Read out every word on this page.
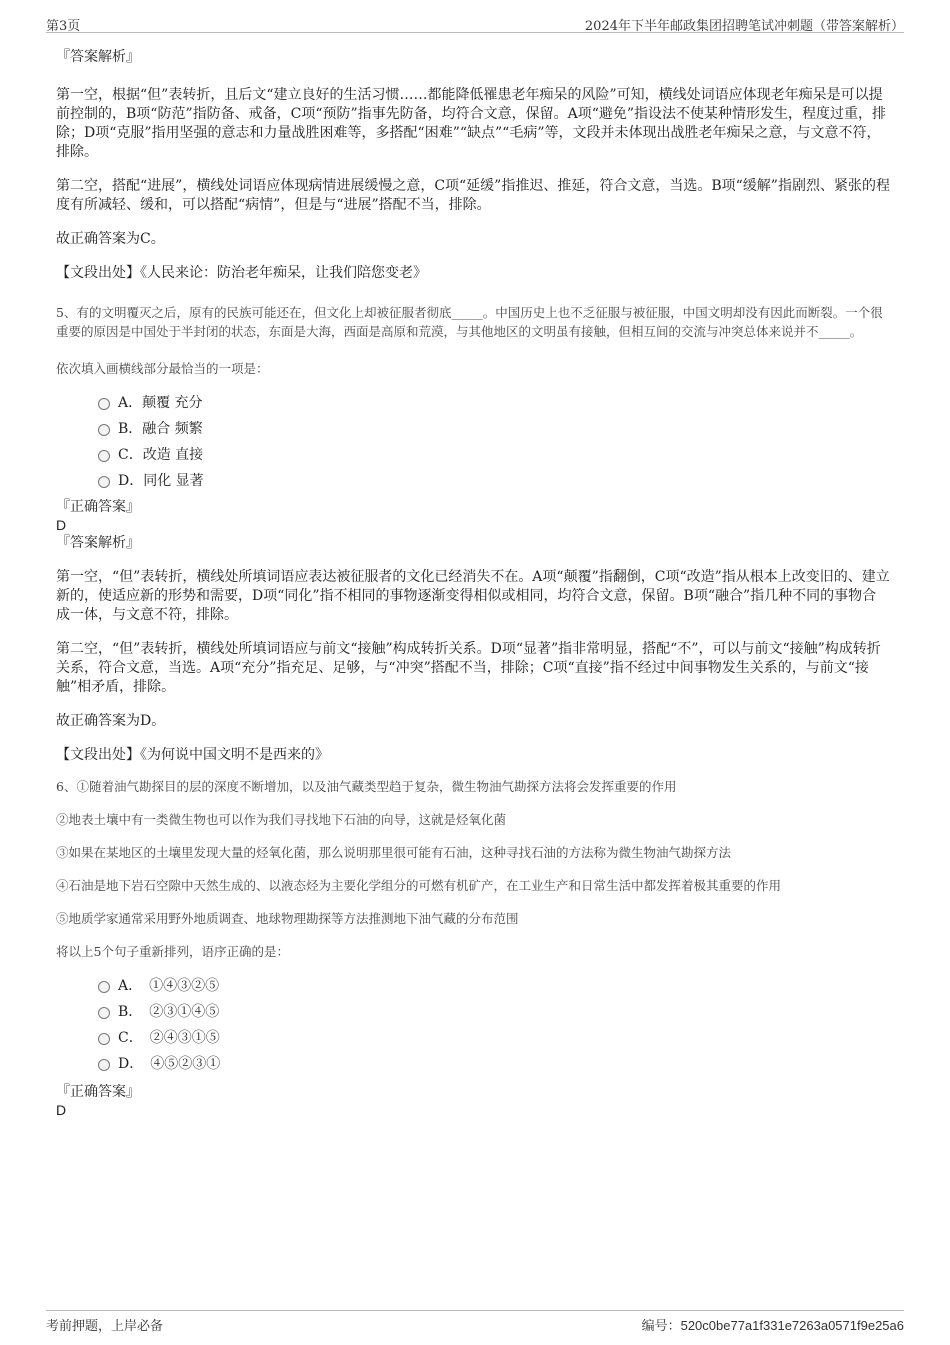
第3页	2024年下半年邮政集团招聘笔试冲刺题（带答案解析）
『答案解析』

第一空，根据“但”表转折，且后文“建立良好的生活习惯……都能降低罹患老年痴呆的风险”可知，横线处词语应体现老年痴呆是可以提前控制的，B项“防范”指防备、戒备，C项“预防”指事先防备，均符合文意，保留。A项“避免”指设法不使某种情形发生，程度过重，排除；D项“克服”指用坚强的意志和力量战胜困难等，多搭配“困难”“缺点”“毛病”等，文段并未体现出战胜老年痴呆之意，与文意不符，排除。

第二空，搭配“进展”，横线处词语应体现病情进展缓慢之意，C项“延缓”指推迟、推延，符合文意，当选。B项“缓解”指剧烈、紧张的程度有所减轻、缓和，可以搭配“病情”，但是与“进展”搭配不当，排除。

故正确答案为C。

【文段出处】《人民来论：防治老年痴呆，让我们陪您变老》

5、有的文明覆灭之后，原有的民族可能还在，但文化上却被征服者彻底_____。中国历史上也不乏征服与被征服，中国文明却没有因此而断裂。一个很重要的原因是中国处于半封闭的状态，东面是大海，西面是高原和荒漠，与其他地区的文明虽有接触，但相互间的交流与冲突总体来说并不_____。

依次填入画横线部分最恰当的一项是：

A．颠覆 充分
B．融合 频繁
C．改造 直接
D．同化 显著
『正确答案』
D
『答案解析』

第一空，“但”表转折，横线处所填词语应表达被征服者的文化已经消失不在。A项“颠覆”指翻倒，C项“改造”指从根本上改变旧的、建立新的，使适应新的形势和需要，D项“同化”指不相同的事物逐渐变得相似或相同，均符合文意，保留。B项“融合”指几种不同的事物合成一体，与文意不符，排除。

第二空，“但”表转折，横线处所填词语应与前文“接触”构成转折关系。D项“显著”指非常明显，搭配“不”，可以与前文“接触”构成转折关系，符合文意，当选。A项“充分”指充足、足够，与“冲突”搭配不当，排除；C项“直接”指不经过中间事物发生关系的，与前文“接触”相矛盾，排除。

故正确答案为D。

【文段出处】《为何说中国文明不是西来的》

6、①随着油气勘探目的层的深度不断增加，以及油气藏类型趋于复杂，微生物油气勘探方法将会发挥重要的作用

②地表土壤中有一类微生物也可以作为我们寻找地下石油的向导，这就是烃氧化菌

③如果在某地区的土壤里发现大量的烃氧化菌，那么说明那里很可能有石油，这种寻找石油的方法称为微生物油气勘探方法

④石油是地下岩石空隙中天然生成的、以液态烃为主要化学组分的可燃有机矿产，在工业生产和日常生活中都发挥着极其重要的作用

⑤地质学家通常采用野外地质调查、地球物理勘探等方法推测地下油气藏的分布范围

将以上5个句子重新排列，语序正确的是：

A．　①④③②⑤
B．　②③①④⑤
C．　②④③①⑤
D．　④⑤②③①
『正确答案』
D
考前押题，上岸必备	编号：520c0be77a1f331e7263a0571f9e25a6
